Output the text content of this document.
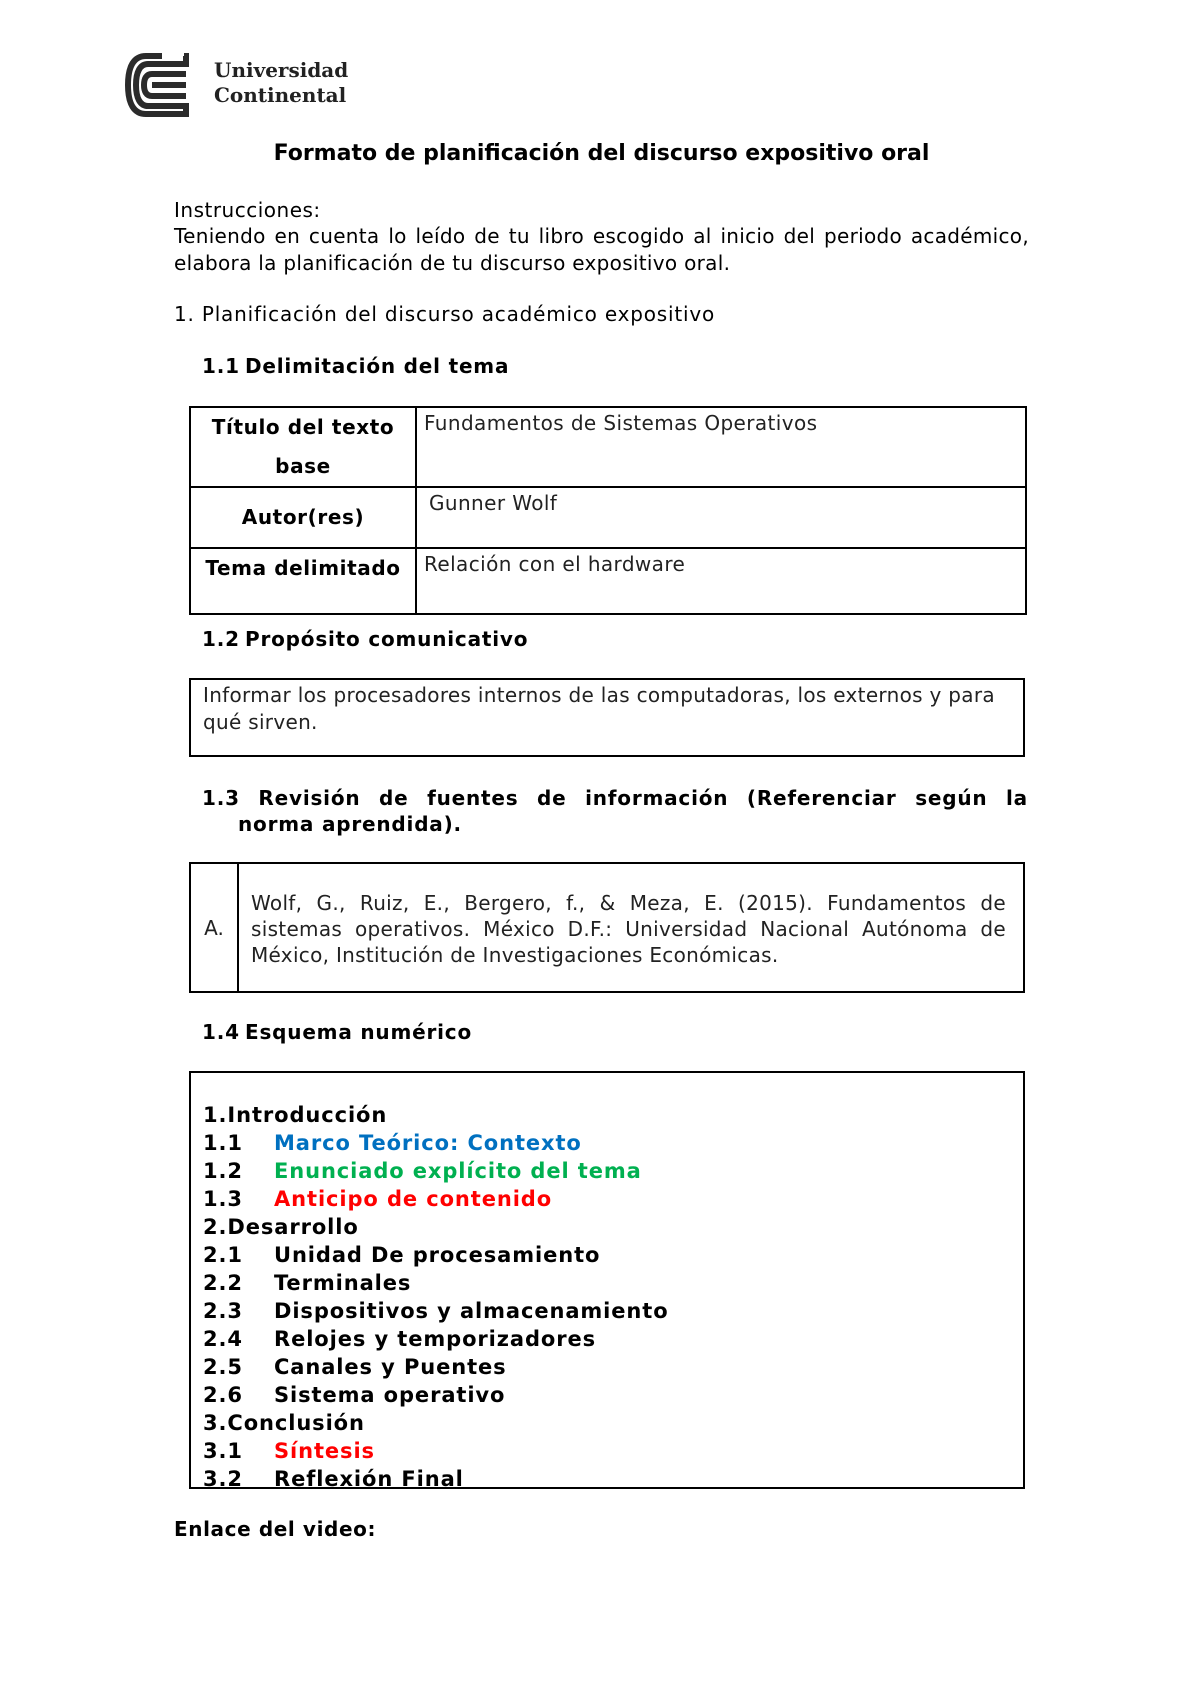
Universidad
Continental
Formato de planificación del discurso expositivo oral
Instrucciones:
Teniendo en cuenta lo leído de tu libro escogido al inicio del periodo académico, elabora la planificación de tu discurso expositivo oral.
1. Planificación del discurso académico expositivo
1.1 Delimitación del tema
Título del texto base	Fundamentos de Sistemas Operativos
Autor(res)	Gunner Wolf
Tema delimitado	Relación con el hardware
1.2 Propósito comunicativo
Informar los procesadores internos de las computadoras, los externos y para qué sirven.
1.3 Revisión de fuentes de información (Referenciar según la
norma aprendida).
A.
Wolf, G., Ruiz, E., Bergero, f., & Meza, E. (2015). Fundamentos de sistemas operativos. México D.F.: Universidad Nacional Autónoma de México, Institución de Investigaciones Económicas.
1.4 Esquema numérico
1.Introducción
1.1 Marco Teórico: Contexto
1.2 Enunciado explícito del tema
1.3 Anticipo de contenido
2.Desarrollo
2.1 Unidad De procesamiento
2.2 Terminales
2.3 Dispositivos y almacenamiento
2.4 Relojes y temporizadores
2.5 Canales y Puentes
2.6 Sistema operativo
3.Conclusión
3.1 Síntesis
3.2 Reflexión Final
Enlace del video:
